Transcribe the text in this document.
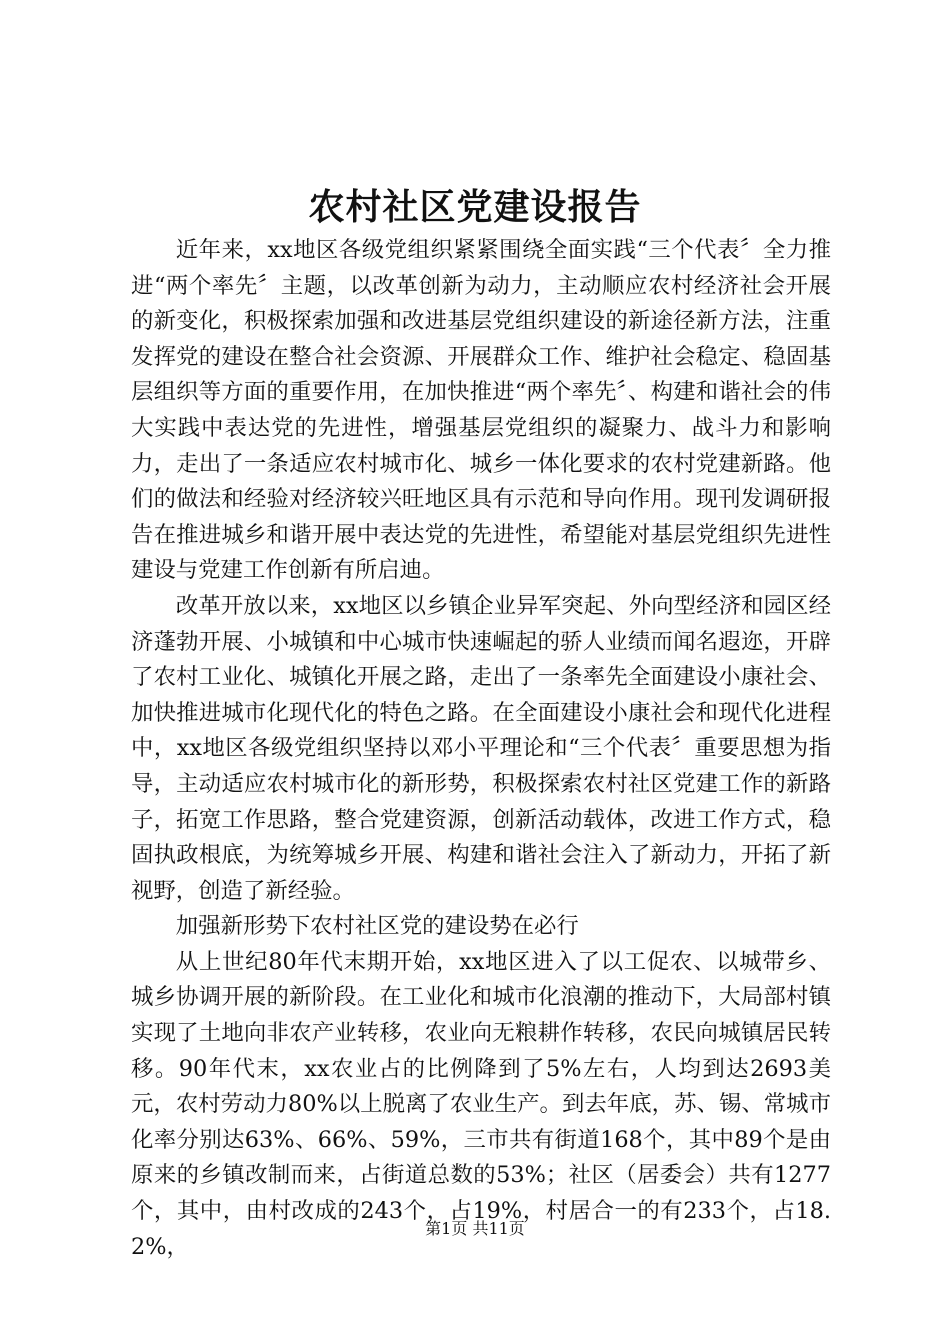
农村社区党建设报告

近年来，xx地区各级党组织紧紧围绕全面实践“三个代表〞全力推进“两个率先〞主题，以改革创新为动力，主动顺应农村经济社会开展的新变化，积极探索加强和改进基层党组织建设的新途径新方法，注重发挥党的建设在整合社会资源、开展群众工作、维护社会稳定、稳固基层组织等方面的重要作用，在加快推进“两个率先〞、构建和谐社会的伟大实践中表达党的先进性，增强基层党组织的凝聚力、战斗力和影响力，走出了一条适应农村城市化、城乡一体化要求的农村党建新路。他们的做法和经验对经济较兴旺地区具有示范和导向作用。现刊发调研报告在推进城乡和谐开展中表达党的先进性，希望能对基层党组织先进性建设与党建工作创新有所启迪。

改革开放以来，xx地区以乡镇企业异军突起、外向型经济和园区经济蓬勃开展、小城镇和中心城市快速崛起的骄人业绩而闻名遐迩，开辟了农村工业化、城镇化开展之路，走出了一条率先全面建设小康社会、加快推进城市化现代化的特色之路。在全面建设小康社会和现代化进程中，xx地区各级党组织坚持以邓小平理论和“三个代表〞重要思想为指导，主动适应农村城市化的新形势，积极探索农村社区党建工作的新路子，拓宽工作思路，整合党建资源，创新活动载体，改进工作方式，稳固执政根底，为统筹城乡开展、构建和谐社会注入了新动力，开拓了新视野，创造了新经验。

加强新形势下农村社区党的建设势在必行

从上世纪80年代末期开始，xx地区进入了以工促农、以城带乡、城乡协调开展的新阶段。在工业化和城市化浪潮的推动下，大局部村镇实现了土地向非农产业转移，农业向无粮耕作转移，农民向城镇居民转移。90年代末，xx农业占的比例降到了5%左右，人均到达2693美元，农村劳动力80%以上脱离了农业生产。到去年底，苏、锡、常城市化率分别达63%、66%、59%，三市共有街道168个，其中89个是由原来的乡镇改制而来，占街道总数的53%；社区（居委会）共有1277个，其中，由村改成的243个，占19%，村居合一的有233个，占18.2%，

第1页 共11页
